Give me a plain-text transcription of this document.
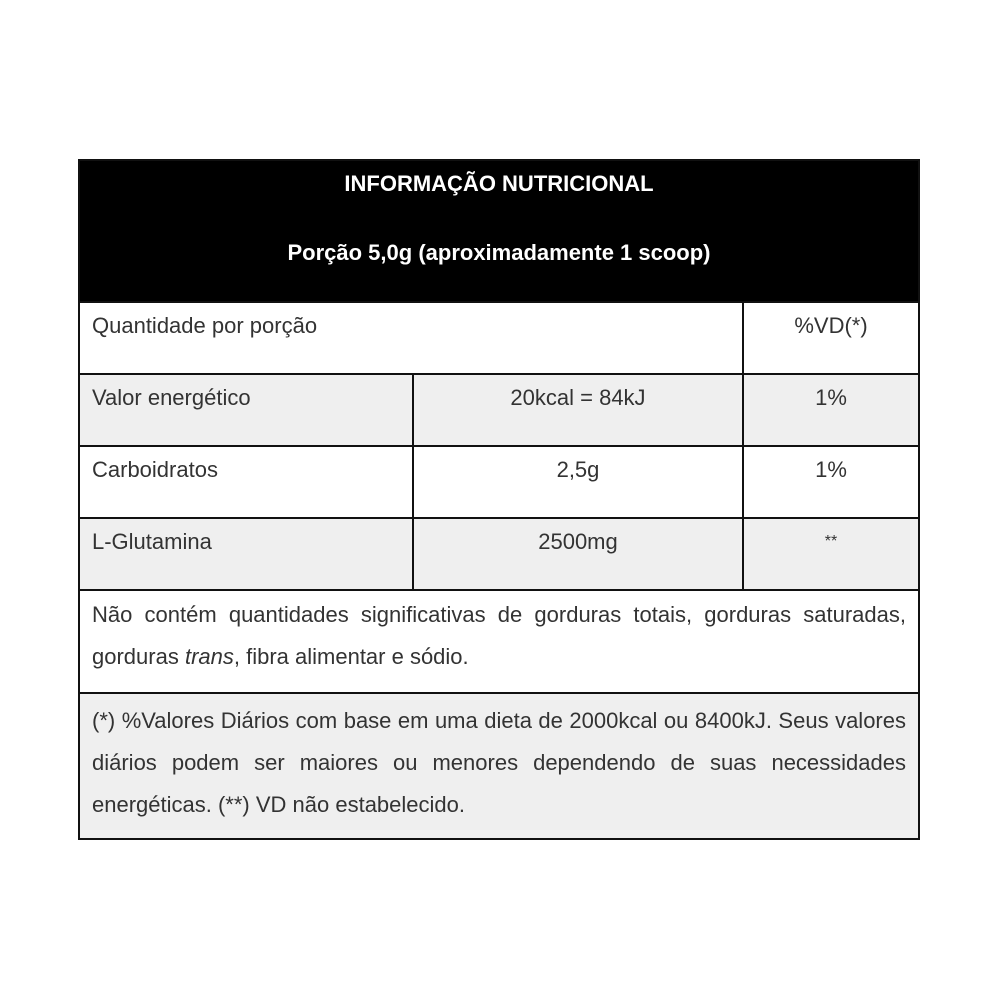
INFORMAÇÃO NUTRICIONAL
Porção 5,0g (aproximadamente 1 scoop)
Quantidade por porção	%VD(*)
Valor energético	20kcal = 84kJ	1%
Carboidratos	2,5g	1%
L-Glutamina	2500mg	**
Não contém quantidades significativas de gorduras totais, gorduras saturadas, gorduras trans, fibra alimentar e sódio.
(*) %Valores Diários com base em uma dieta de 2000kcal ou 8400kJ. Seus valores diários podem ser maiores ou menores dependendo de suas necessidades energéticas. (**) VD não estabelecido.
